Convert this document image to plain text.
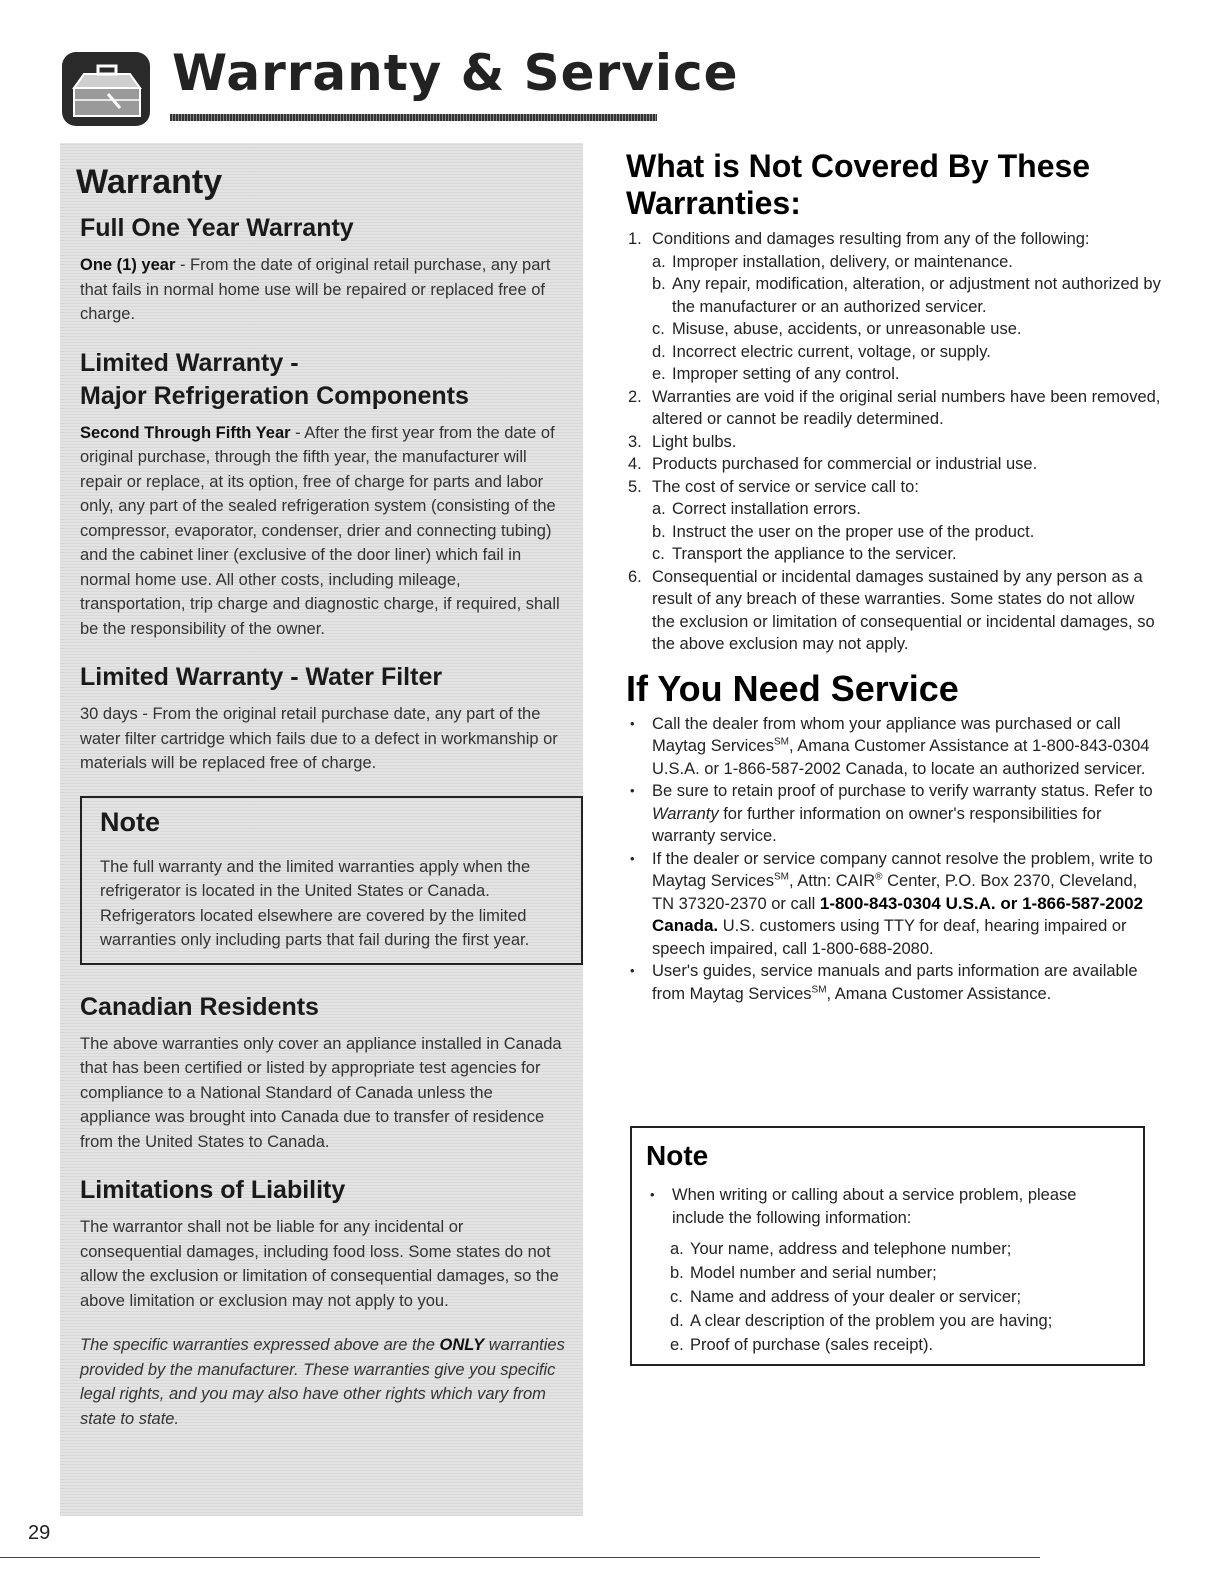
Warranty & Service
Warranty
Full One Year Warranty

One (1) year - From the date of original retail purchase, any part that fails in normal home use will be repaired or replaced free of charge.

Limited Warranty -
Major Refrigeration Components

Second Through Fifth Year - After the first year from the date of original purchase, through the fifth year, the manufacturer will repair or replace, at its option, free of charge for parts and labor only, any part of the sealed refrigeration system (consisting of the compressor, evaporator, condenser, drier and connecting tubing) and the cabinet liner (exclusive of the door liner) which fail in normal home use. All other costs, including mileage, transportation, trip charge and diagnostic charge, if required, shall be the responsibility of the owner.

Limited Warranty - Water Filter

30 days - From the original retail purchase date, any part of the water filter cartridge which fails due to a defect in workmanship or materials will be replaced free of charge.

Note

The full warranty and the limited warranties apply when the refrigerator is located in the United States or Canada. Refrigerators located elsewhere are covered by the limited warranties only including parts that fail during the first year.

Canadian Residents

The above warranties only cover an appliance installed in Canada that has been certified or listed by appropriate test agencies for compliance to a National Standard of Canada unless the appliance was brought into Canada due to transfer of residence from the United States to Canada.

Limitations of Liability

The warrantor shall not be liable for any incidental or consequential damages, including food loss. Some states do not allow the exclusion or limitation of consequential damages, so the above limitation or exclusion may not apply to you.

The specific warranties expressed above are the ONLY warranties provided by the manufacturer. These warranties give you specific legal rights, and you may also have other rights which vary from state to state.

What is Not Covered By These Warranties:
1. Conditions and damages resulting from any of the following:
a. Improper installation, delivery, or maintenance.
b. Any repair, modification, alteration, or adjustment not authorized by the manufacturer or an authorized servicer.
c. Misuse, abuse, accidents, or unreasonable use.
d. Incorrect electric current, voltage, or supply.
e. Improper setting of any control.
2. Warranties are void if the original serial numbers have been removed, altered or cannot be readily determined.
3. Light bulbs.
4. Products purchased for commercial or industrial use.
5. The cost of service or service call to:
a. Correct installation errors.
b. Instruct the user on the proper use of the product.
c. Transport the appliance to the servicer.
6. Consequential or incidental damages sustained by any person as a result of any breach of these warranties. Some states do not allow the exclusion or limitation of consequential or incidental damages, so the above exclusion may not apply.
If You Need Service
• Call the dealer from whom your appliance was purchased or call Maytag Services℠, Amana Customer Assistance at 1-800-843-0304 U.S.A. or 1-866-587-2002 Canada, to locate an authorized servicer.
• Be sure to retain proof of purchase to verify warranty status. Refer to Warranty for further information on owner's responsibilities for warranty service.
• If the dealer or service company cannot resolve the problem, write to Maytag Services℠, Attn: CAIR® Center, P.O. Box 2370, Cleveland, TN 37320-2370 or call 1-800-843-0304 U.S.A. or 1-866-587-2002 Canada. U.S. customers using TTY for deaf, hearing impaired or speech impaired, call 1-800-688-2080.
• User's guides, service manuals and parts information are available from Maytag Services℠, Amana Customer Assistance.
Note
• When writing or calling about a service problem, please include the following information:
a. Your name, address and telephone number;
b. Model number and serial number;
c. Name and address of your dealer or servicer;
d. A clear description of the problem you are having;
e. Proof of purchase (sales receipt).
29
